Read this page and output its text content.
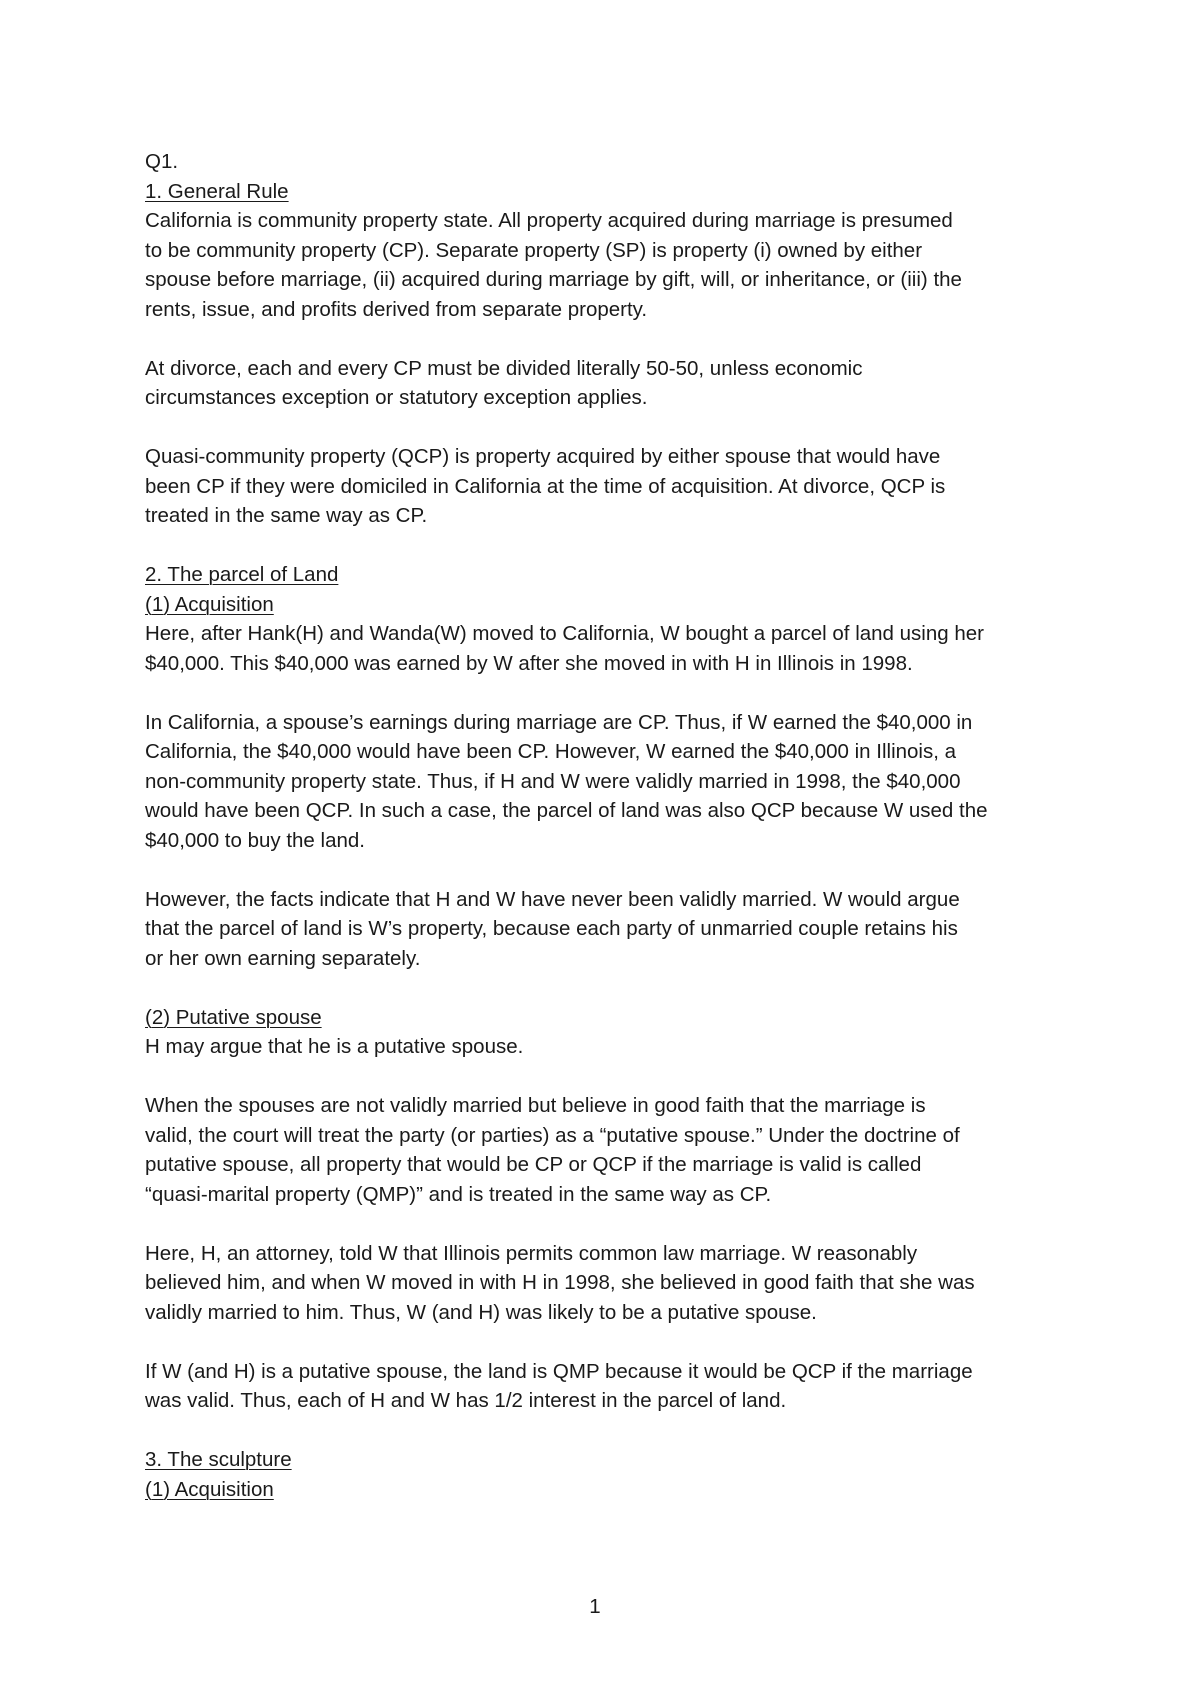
Q1.
1. General Rule
California is community property state. All property acquired during marriage is presumed
to be community property (CP). Separate property (SP) is property (i) owned by either
spouse before marriage, (ii) acquired during marriage by gift, will, or inheritance, or (iii) the
rents, issue, and profits derived from separate property.
At divorce, each and every CP must be divided literally 50-50, unless economic
circumstances exception or statutory exception applies.
Quasi-community property (QCP) is property acquired by either spouse that would have
been CP if they were domiciled in California at the time of acquisition. At divorce, QCP is
treated in the same way as CP.
2. The parcel of Land
(1) Acquisition
Here, after Hank(H) and Wanda(W) moved to California, W bought a parcel of land using her
$40,000. This $40,000 was earned by W after she moved in with H in Illinois in 1998.
In California, a spouse’s earnings during marriage are CP. Thus, if W earned the $40,000 in
California, the $40,000 would have been CP. However, W earned the $40,000 in Illinois, a
non-community property state. Thus, if H and W were validly married in 1998, the $40,000
would have been QCP. In such a case, the parcel of land was also QCP because W used the
$40,000 to buy the land.
However, the facts indicate that H and W have never been validly married. W would argue
that the parcel of land is W’s property, because each party of unmarried couple retains his
or her own earning separately.
(2) Putative spouse
H may argue that he is a putative spouse.
When the spouses are not validly married but believe in good faith that the marriage is
valid, the court will treat the party (or parties) as a “putative spouse.” Under the doctrine of
putative spouse, all property that would be CP or QCP if the marriage is valid is called
“quasi-marital property (QMP)” and is treated in the same way as CP.
Here, H, an attorney, told W that Illinois permits common law marriage. W reasonably
believed him, and when W moved in with H in 1998, she believed in good faith that she was
validly married to him. Thus, W (and H) was likely to be a putative spouse.
If W (and H) is a putative spouse, the land is QMP because it would be QCP if the marriage
was valid. Thus, each of H and W has 1/2 interest in the parcel of land.
3. The sculpture
(1) Acquisition
1
